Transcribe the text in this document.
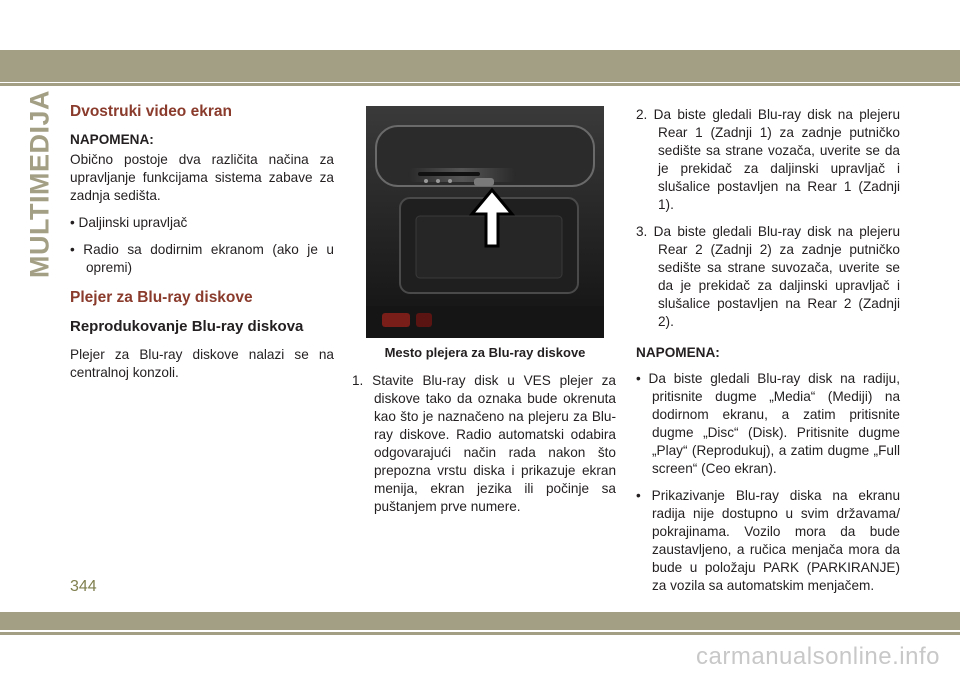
MULTIMEDIJA Dvostruki video ekran

NAPOMENA:

Obično postoje dva različita načina za upravljanje funkcijama sistema zabave za zadnja sedišta.

• Daljinski upravljač

• Radio sa dodirnim ekranom (ako je u opremi)

Plejer za Blu-ray diskove

Reprodukovanje Blu-ray diskova

Plejer za Blu-ray diskove nalazi se na centralnoj konzoli.

Mesto plejera za Blu-ray diskove

1. Stavite Blu-ray disk u VES plejer za diskove tako da oznaka bude okrenuta kao što je naznačeno na plejeru za Blu-ray diskove. Radio automatski odabira odgovarajući način rada nakon što prepozna vrstu diska i prikazuje ekran menija, ekran jezika ili počinje sa puštanjem prve numere.

2. Da biste gledali Blu-ray disk na plejeru Rear 1 (Zadnji 1) za zadnje putničko sedište sa strane vozača, uverite se da je prekidač za daljinski upravljač i slušalice postavljen na Rear 1 (Zadnji 1).

3. Da biste gledali Blu-ray disk na plejeru Rear 2 (Zadnji 2) za zadnje putničko sedište sa strane suvozača, uverite se da je prekidač za daljinski upravljač i slušalice postavljen na Rear 2 (Zadnji 2).

NAPOMENA:

• Da biste gledali Blu-ray disk na radiju, pritisnite dugme „Media“ (Mediji) na dodirnom ekranu, a zatim pritisnite dugme „Disc“ (Disk). Pritisnite dugme „Play“ (Reprodukuj), a zatim dugme „Full screen“ (Ceo ekran).

• Prikazivanje Blu-ray diska na ekranu radija nije dostupno u svim državama/ pokrajinama. Vozilo mora da bude zaustavljeno, a ručica menjača mora da bude u položaju PARK (PARKIRANJE) za vozila sa automatskim menjačem.

344
carmanualsonline.info
